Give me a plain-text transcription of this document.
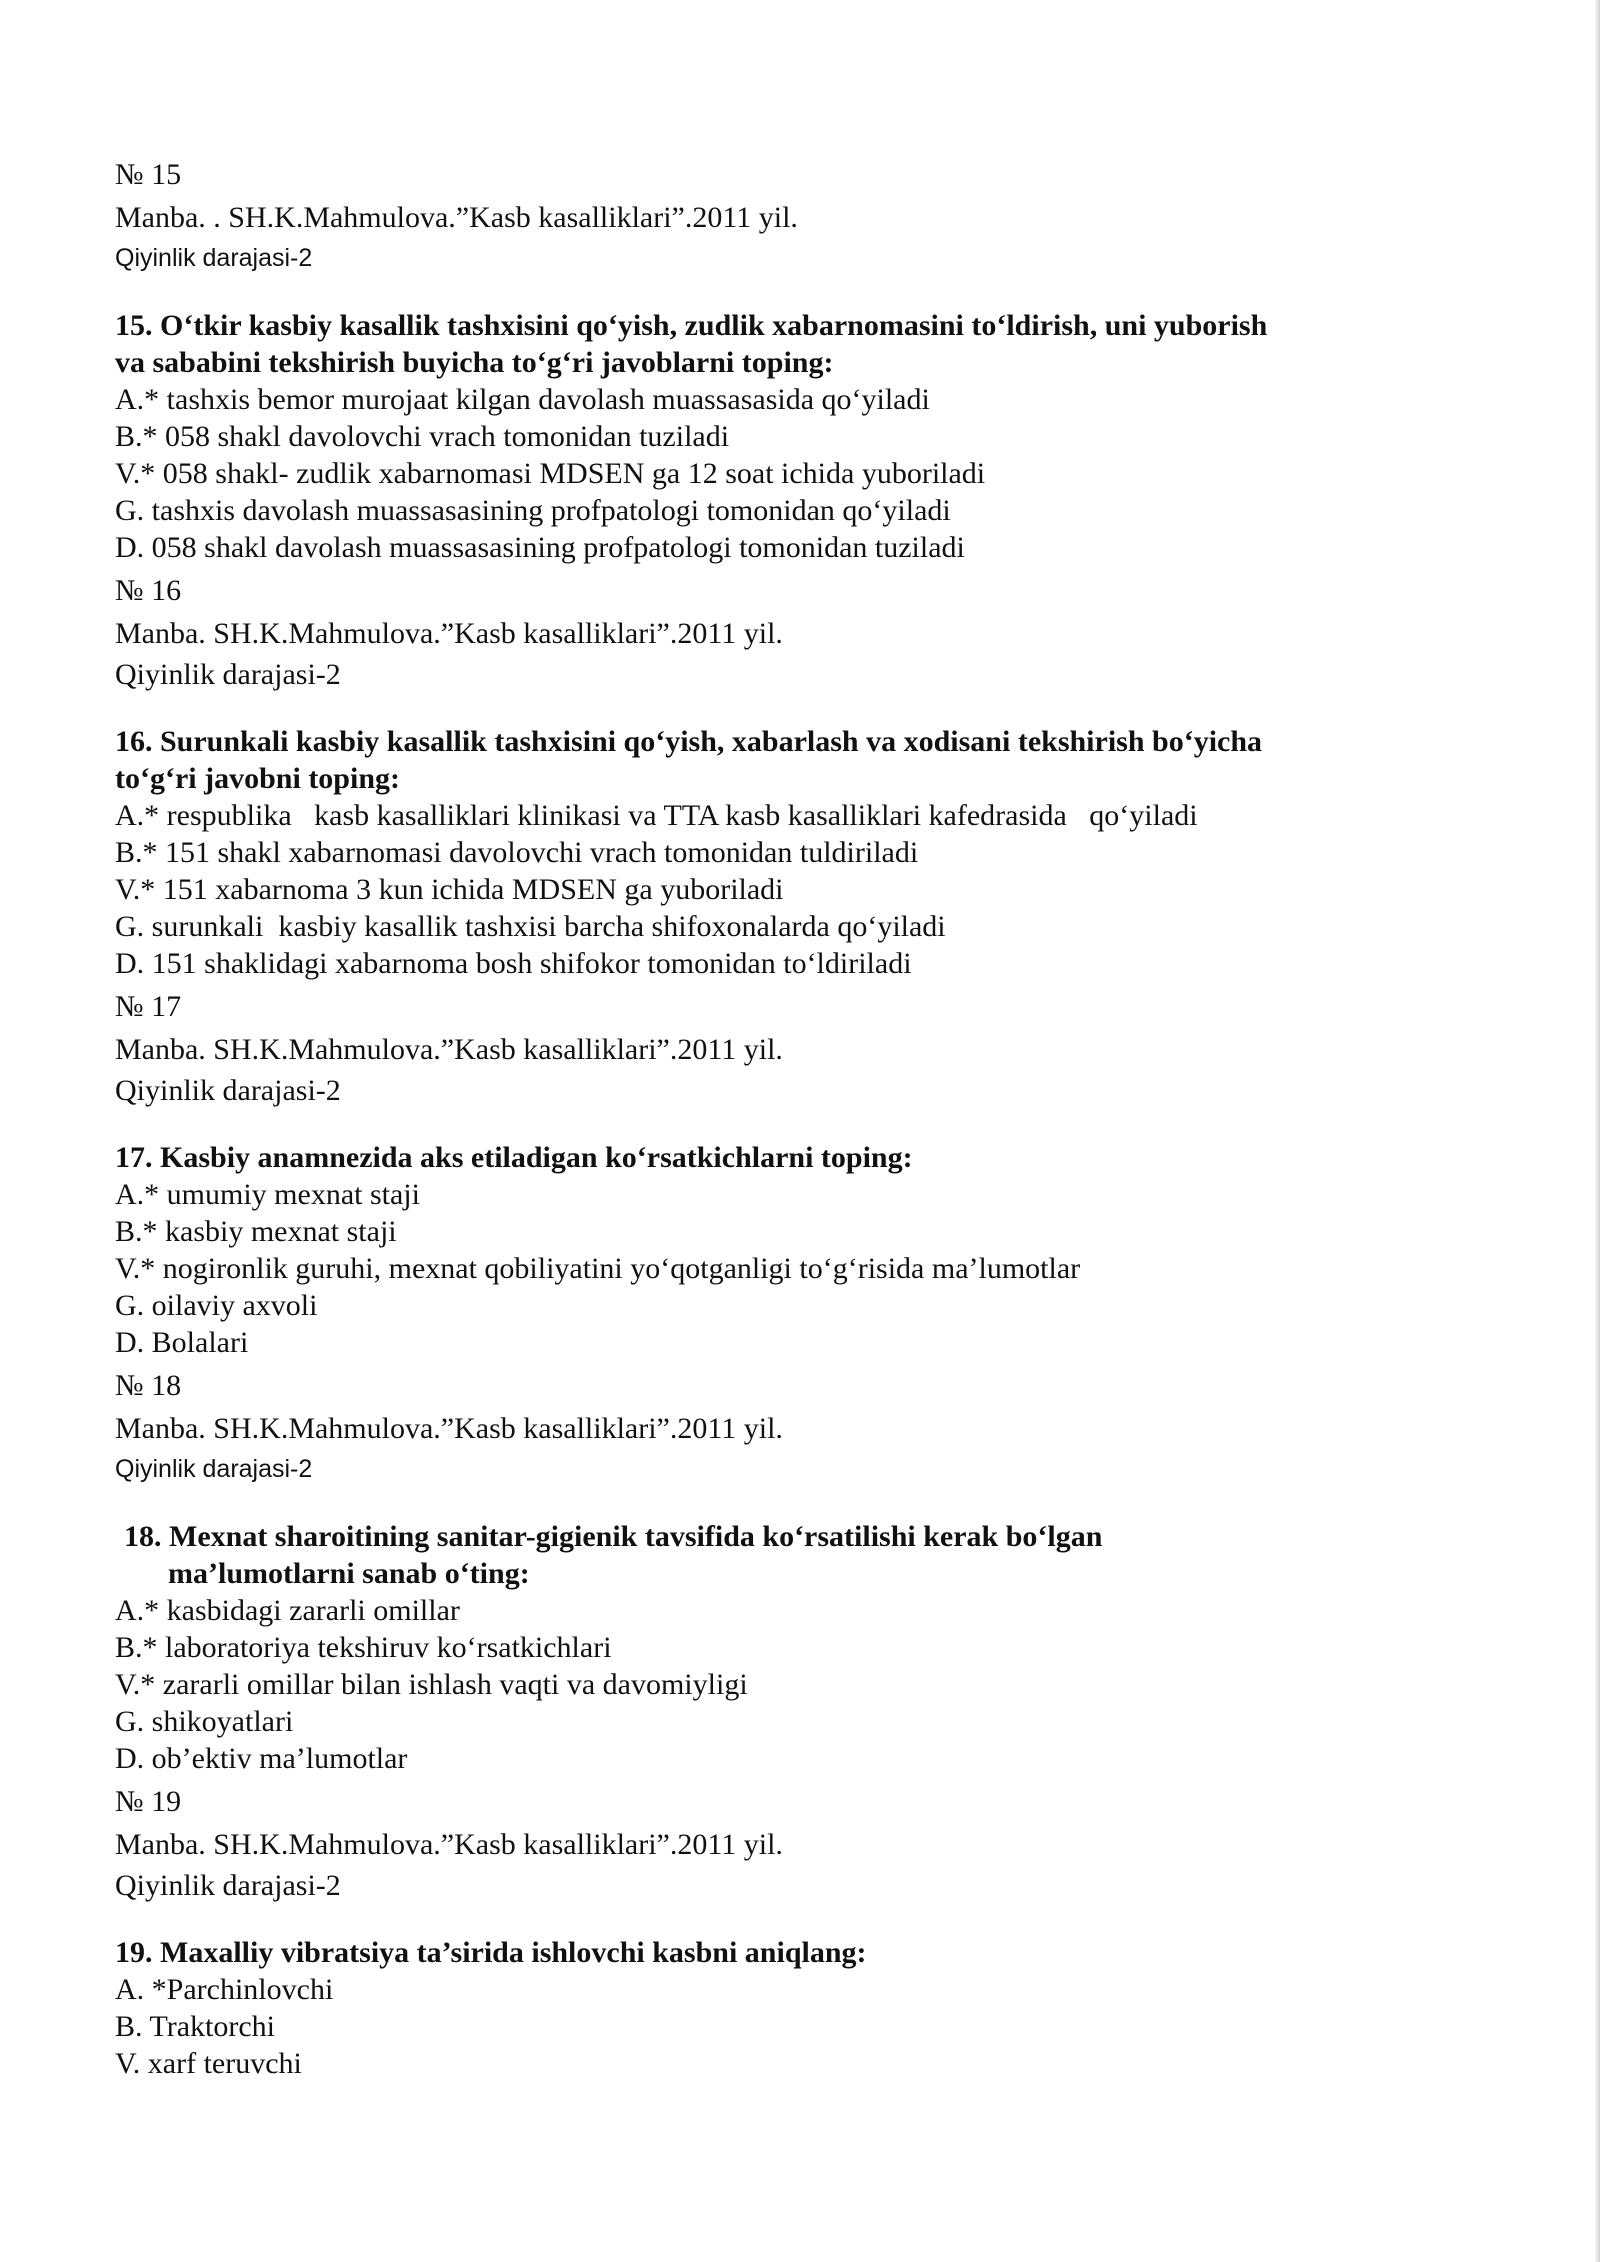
№ 15
Manba. . SH.K.Mahmulova.”Kasb kasalliklari”.2011 yil.
Qiyinlik darajasi-2
15. O‘tkir kasbiy kasallik tashxisini qo‘yish, zudlik xabarnomasini to‘ldirish, uni yuborish
va sababini tekshirish buyicha to‘g‘ri javoblarni toping:
A.* tashxis bemor murojaat kilgan davolash muassasasida qo‘yiladi
B.* 058 shakl davolovchi vrach tomonidan tuziladi
V.* 058 shakl- zudlik xabarnomasi MDSEN ga 12 soat ichida yuboriladi
G. tashxis davolash muassasasining profpatologi tomonidan qo‘yiladi
D. 058 shakl davolash muassasasining profpatologi tomonidan tuziladi
№ 16
Manba. SH.K.Mahmulova.”Kasb kasalliklari”.2011 yil.
Qiyinlik darajasi-2
16. Surunkali kasbiy kasallik tashxisini qo‘yish, xabarlash va xodisani tekshirish bo‘yicha
to‘g‘ri javobni toping:
A.* respublika   kasb kasalliklari klinikasi va TTA kasb kasalliklari kafedrasida   qo‘yiladi
B.* 151 shakl xabarnomasi davolovchi vrach tomonidan tuldiriladi
V.* 151 xabarnoma 3 kun ichida MDSEN ga yuboriladi
G. surunkali  kasbiy kasallik tashxisi barcha shifoxonalarda qo‘yiladi
D. 151 shaklidagi xabarnoma bosh shifokor tomonidan to‘ldiriladi
№ 17
Manba. SH.K.Mahmulova.”Kasb kasalliklari”.2011 yil.
Qiyinlik darajasi-2
17. Kasbiy anamnezida aks etiladigan ko‘rsatkichlarni toping:
A.* umumiy mexnat staji
B.* kasbiy mexnat staji
V.* nogironlik guruhi, mexnat qobiliyatini yo‘qotganligi to‘g‘risida ma’lumotlar
G. oilaviy axvoli
D. Bolalari
№ 18
Manba. SH.K.Mahmulova.”Kasb kasalliklari”.2011 yil.
Qiyinlik darajasi-2
18. Mexnat sharoitining sanitar-gigienik tavsifida ko‘rsatilishi kerak bo‘lgan
ma’lumotlarni sanab o‘ting:
A.* kasbidagi zararli omillar
B.* laboratoriya tekshiruv ko‘rsatkichlari
V.* zararli omillar bilan ishlash vaqti va davomiyligi
G. shikoyatlari
D. ob’ektiv ma’lumotlar
№ 19
Manba. SH.K.Mahmulova.”Kasb kasalliklari”.2011 yil.
Qiyinlik darajasi-2
19. Maxalliy vibratsiya ta’sirida ishlovchi kasbni aniqlang:
A. *Parchinlovchi
B. Traktorchi
V. xarf teruvchi
